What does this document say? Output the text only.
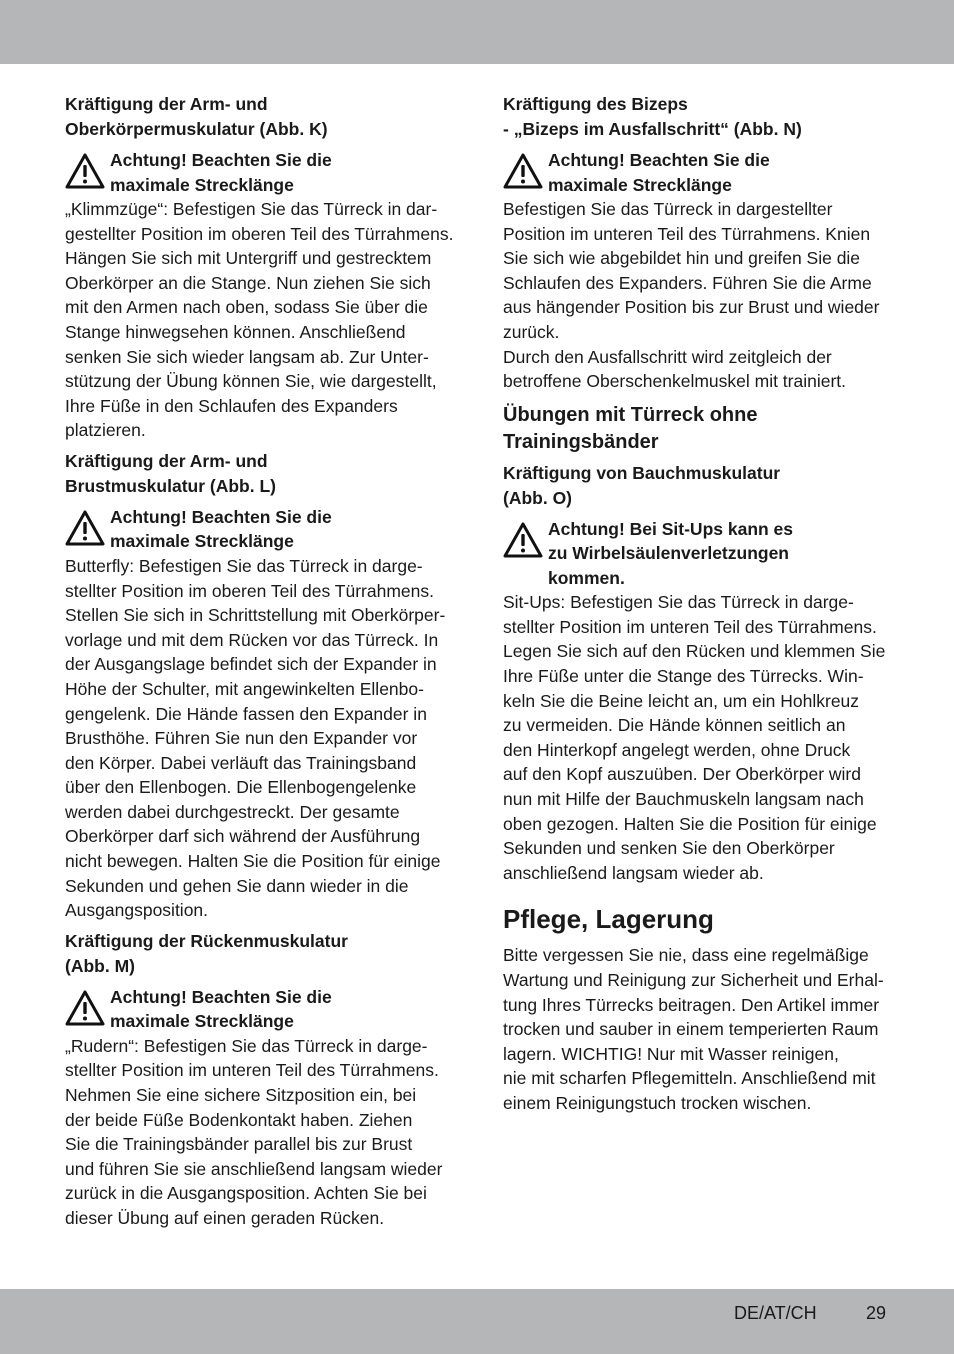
Kräftigung der Arm- und
Oberkörpermuskulatur (Abb. K)
Achtung! Beachten Sie die
maximale Strecklänge

„Klimmzüge“: Befestigen Sie das Türreck in dar-
gestellter Position im oberen Teil des Türrahmens.
Hängen Sie sich mit Untergriff und gestrecktem
Oberkörper an die Stange. Nun ziehen Sie sich
mit den Armen nach oben, sodass Sie über die
Stange hinwegsehen können. Anschließend
senken Sie sich wieder langsam ab. Zur Unter-
stützung der Übung können Sie, wie dargestellt,
Ihre Füße in den Schlaufen des Expanders
platzieren.

Kräftigung der Arm- und
Brustmuskulatur (Abb. L)
Achtung! Beachten Sie die
maximale Strecklänge

Butterfly: Befestigen Sie das Türreck in darge-
stellter Position im oberen Teil des Türrahmens.
Stellen Sie sich in Schrittstellung mit Oberkörper-
vorlage und mit dem Rücken vor das Türreck. In
der Ausgangslage befindet sich der Expander in
Höhe der Schulter, mit angewinkelten Ellenbo-
gengelenk. Die Hände fassen den Expander in
Brusthöhe. Führen Sie nun den Expander vor
den Körper. Dabei verläuft das Trainingsband
über den Ellenbogen. Die Ellenbogengelenke
werden dabei durchgestreckt. Der gesamte
Oberkörper darf sich während der Ausführung
nicht bewegen. Halten Sie die Position für einige
Sekunden und gehen Sie dann wieder in die
Ausgangsposition.

Kräftigung der Rückenmuskulatur
(Abb. M)
Achtung! Beachten Sie die
maximale Strecklänge

„Rudern“: Befestigen Sie das Türreck in darge-
stellter Position im unteren Teil des Türrahmens.
Nehmen Sie eine sichere Sitzposition ein, bei
der beide Füße Bodenkontakt haben. Ziehen
Sie die Trainingsbänder parallel bis zur Brust
und führen Sie sie anschließend langsam wieder
zurück in die Ausgangsposition. Achten Sie bei
dieser Übung auf einen geraden Rücken.

Kräftigung des Bizeps
- „Bizeps im Ausfallschritt“ (Abb. N)
Achtung! Beachten Sie die
maximale Strecklänge

Befestigen Sie das Türreck in dargestellter
Position im unteren Teil des Türrahmens. Knien
Sie sich wie abgebildet hin und greifen Sie die
Schlaufen des Expanders. Führen Sie die Arme
aus hängender Position bis zur Brust und wieder
zurück.
Durch den Ausfallschritt wird zeitgleich der
betroffene Oberschenkelmuskel mit trainiert.

Übungen mit Türreck ohne
Trainingsbänder
Kräftigung von Bauchmuskulatur
(Abb. O)
Achtung! Bei Sit-Ups kann es
zu Wirbelsäulenverletzungen
kommen.

Sit-Ups: Befestigen Sie das Türreck in darge-
stellter Position im unteren Teil des Türrahmens.
Legen Sie sich auf den Rücken und klemmen Sie
Ihre Füße unter die Stange des Türrecks. Win-
keln Sie die Beine leicht an, um ein Hohlkreuz
zu vermeiden. Die Hände können seitlich an
den Hinterkopf angelegt werden, ohne Druck
auf den Kopf auszuüben. Der Oberkörper wird
nun mit Hilfe der Bauchmuskeln langsam nach
oben gezogen. Halten Sie die Position für einige
Sekunden und senken Sie den Oberkörper
anschließend langsam wieder ab.

Pflege, Lagerung

Bitte vergessen Sie nie, dass eine regelmäßige
Wartung und Reinigung zur Sicherheit und Erhal-
tung Ihres Türrecks beitragen. Den Artikel immer
trocken und sauber in einem temperierten Raum
lagern. WICHTIG! Nur mit Wasser reinigen,
nie mit scharfen Pflegemitteln. Anschließend mit
einem Reinigungstuch trocken wischen.

DE/AT/CH	29
